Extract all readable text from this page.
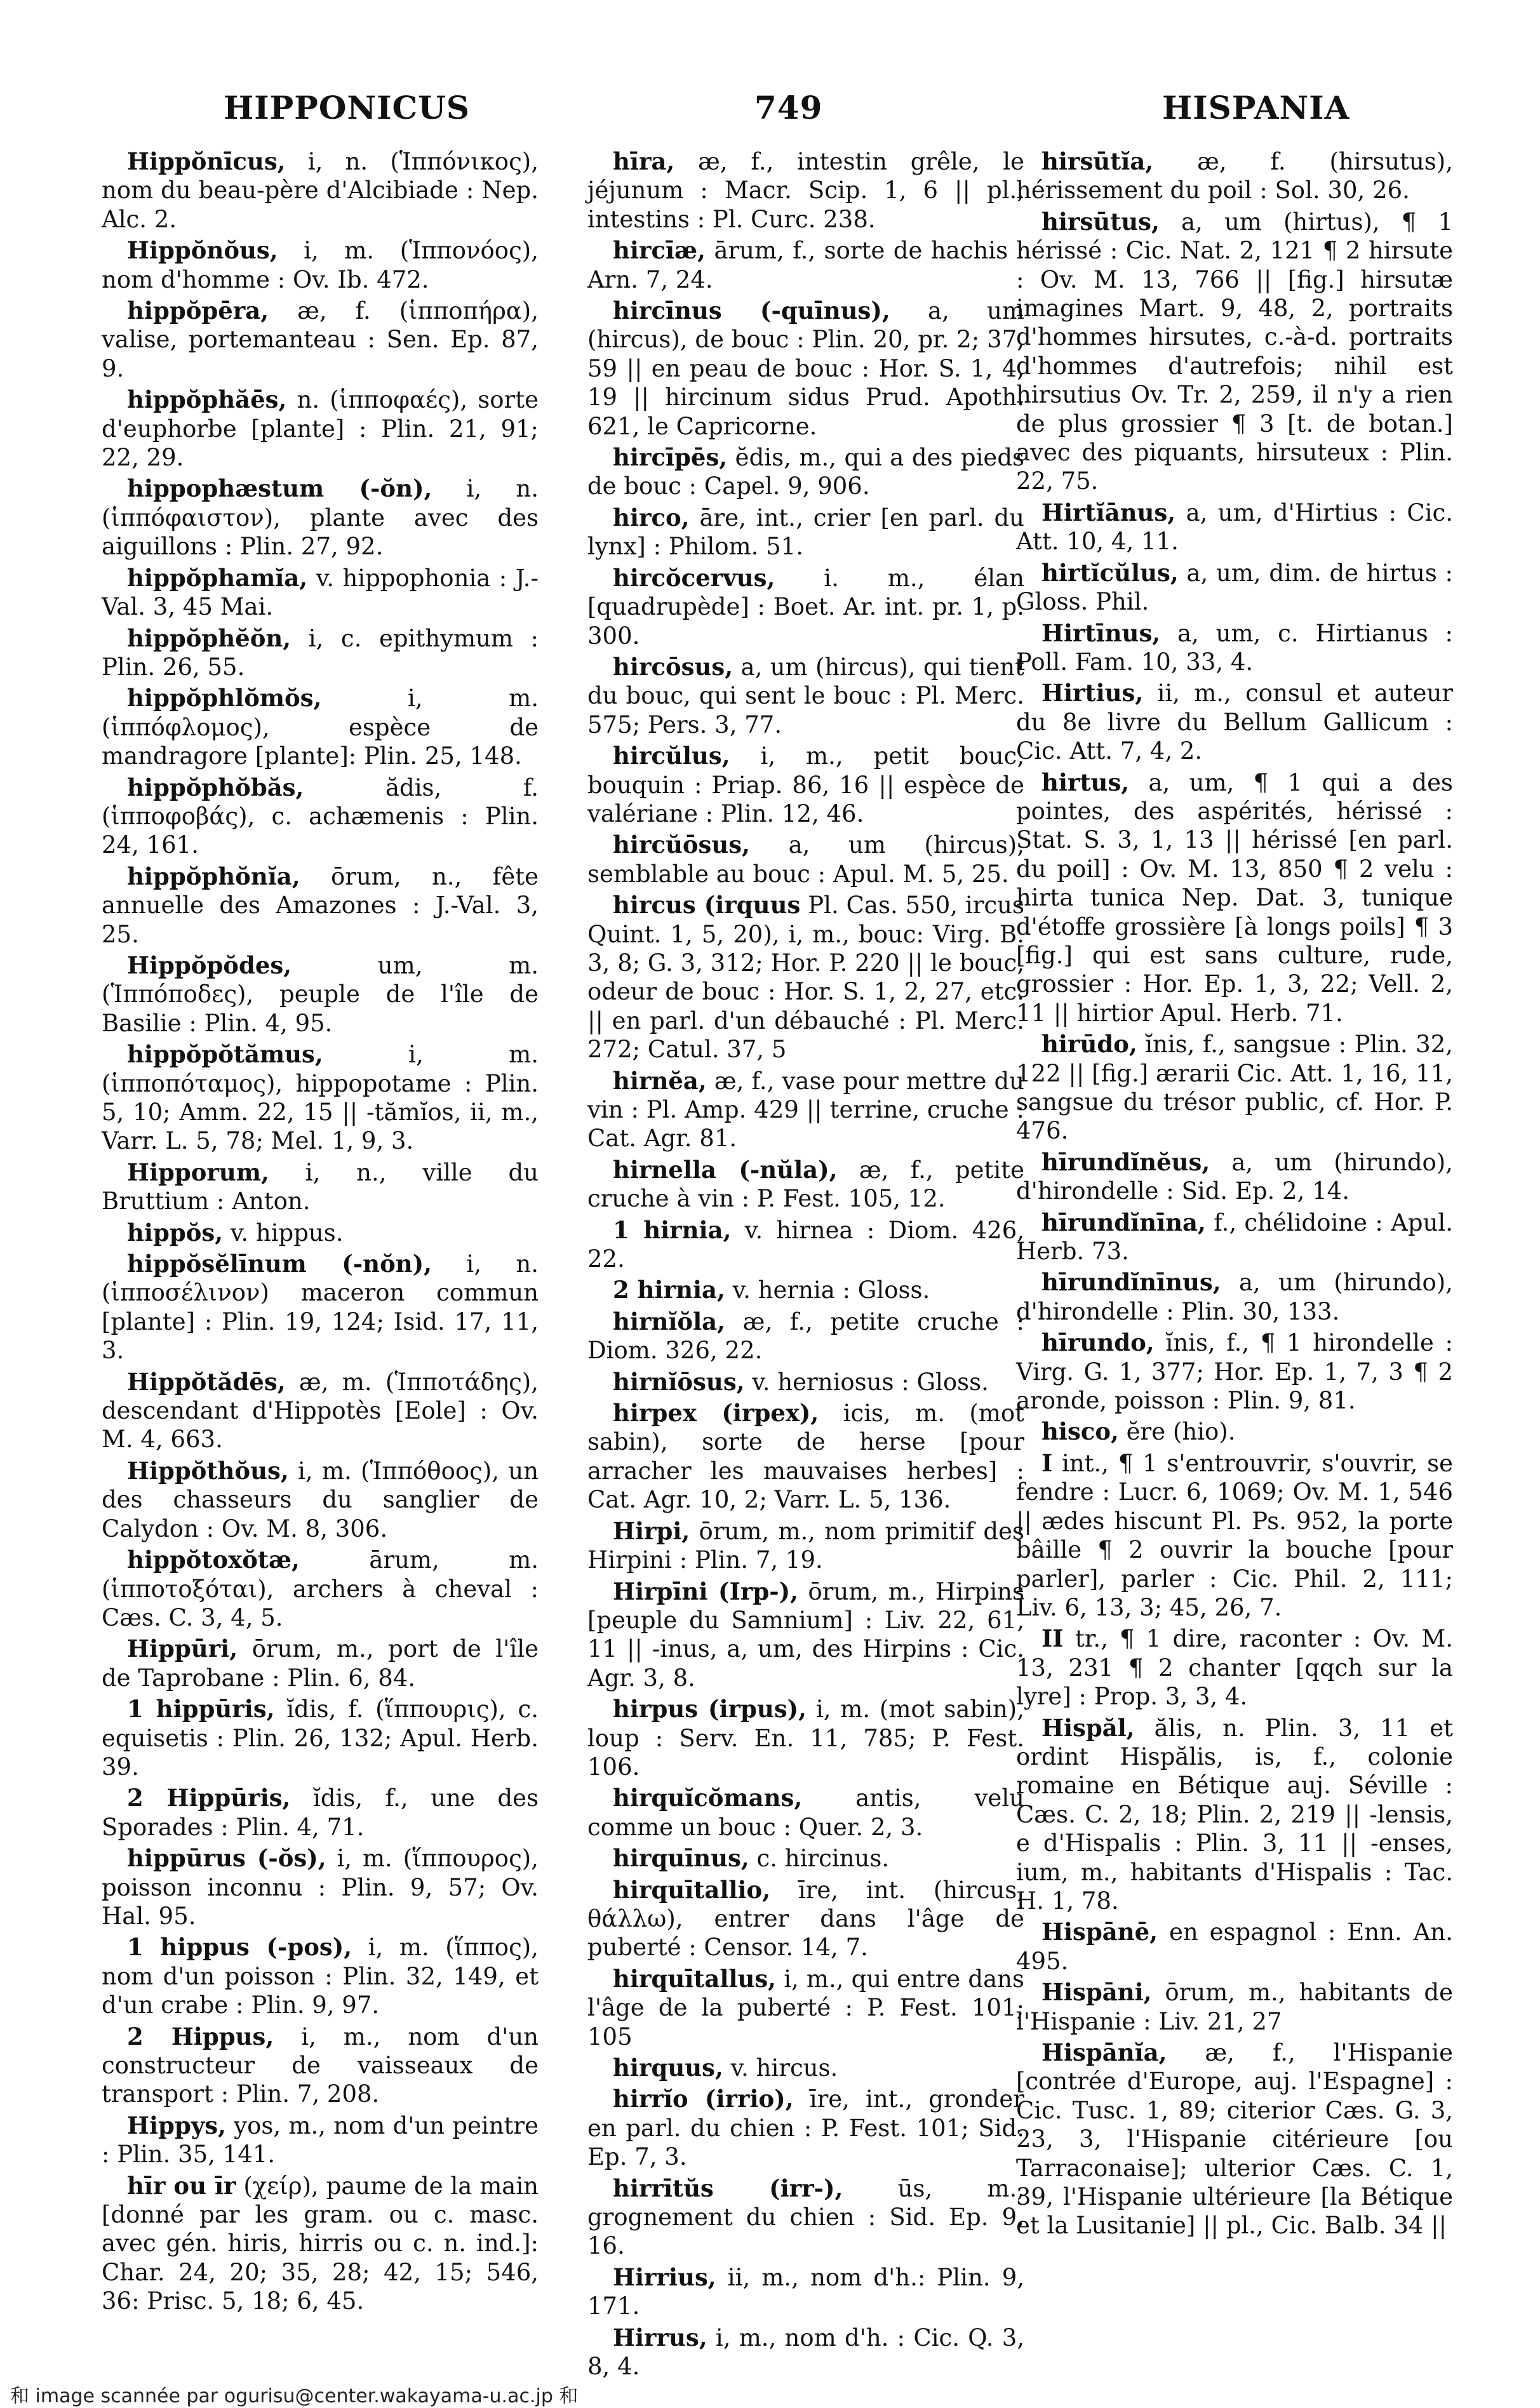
HIPPONICUS	749	HISPANIA

Hippŏnīcus, i, n. (Ἱππόνικος), nom du beau-père d'Alcibiade : Nep. Alc. 2.

Hippŏnŏus, i, m. (Ἱππονόος), nom d'homme : Ov. Ib. 472.

hippŏpēra, æ, f. (ἱπποπήρα), valise, portemanteau : Sen. Ep. 87, 9.

hippŏphăēs, n. (ἱπποφαές), sorte d'euphorbe [plante] : Plin. 21, 91; 22, 29.

hippophæstum (-ŏn), i, n. (ἱππόφαιστον), plante avec des aiguillons : Plin. 27, 92.

hippŏphamĭa, v. hippophonia : J.-Val. 3, 45 Mai.

hippŏphĕŏn, i, c. epithymum : Plin. 26, 55.

hippŏphlŏmŏs, i, m. (ἱππόφλομος), espèce de mandragore [plante]: Plin. 25, 148.

hippŏphŏbăs, ădis, f. (ἱπποφοβάς), c. achæmenis : Plin. 24, 161.

hippŏphŏnĭa, ōrum, n., fête annuelle des Amazones : J.-Val. 3, 25.

Hippŏpŏdes, um, m. (Ἱππόποδες), peuple de l'île de Basilie : Plin. 4, 95.

hippŏpŏtămus, i, m. (ἱπποπόταμος), hippopotame : Plin. 5, 10; Amm. 22, 15 || -tămĭos, ii, m., Varr. L. 5, 78; Mel. 1, 9, 3.

Hipporum, i, n., ville du Bruttium : Anton.

hippŏs, v. hippus.

hippŏsĕlīnum (-nŏn), i, n. (ἱπποσέλινον) maceron commun [plante] : Plin. 19, 124; Isid. 17, 11, 3.

Hippŏtădēs, æ, m. (Ἱπποτάδης), descendant d'Hippotès [Eole] : Ov. M. 4, 663.

Hippŏthŏus, i, m. (Ἱππόθοος), un des chasseurs du sanglier de Calydon : Ov. M. 8, 306.

hippŏtoxŏtæ, ārum, m. (ἱπποτοξόται), archers à cheval : Cæs. C. 3, 4, 5.

Hippūri, ōrum, m., port de l'île de Taprobane : Plin. 6, 84.

1 hippūris, ĭdis, f. (ἵππουρις), c. equisetis : Plin. 26, 132; Apul. Herb. 39.

2 Hippūris, ĭdis, f., une des Sporades : Plin. 4, 71.

hippūrus (-ŏs), i, m. (ἵππουρος), poisson inconnu : Plin. 9, 57; Ov. Hal. 95.

1 hippus (-pos), i, m. (ἵππος), nom d'un poisson : Plin. 32, 149, et d'un crabe : Plin. 9, 97.

2 Hippus, i, m., nom d'un constructeur de vaisseaux de transport : Plin. 7, 208.

Hippys, yos, m., nom d'un peintre : Plin. 35, 141.

hīr ou īr (χείρ), paume de la main [donné par les gram. ou c. masc. avec gén. hiris, hirris ou c. n. ind.]: Char. 24, 20; 35, 28; 42, 15; 546, 36: Prisc. 5, 18; 6, 45.

hīra, æ, f., intestin grêle, le jéjunum : Macr. Scip. 1, 6 || pl., intestins : Pl. Curc. 238.

hircīæ, ārum, f., sorte de hachis : Arn. 7, 24.

hircīnus (-quīnus), a, um (hircus), de bouc : Plin. 20, pr. 2; 37, 59 || en peau de bouc : Hor. S. 1, 4, 19 || hircinum sidus Prud. Apoth. 621, le Capricorne.

hircīpēs, ĕdis, m., qui a des pieds de bouc : Capel. 9, 906.

hirco, āre, int., crier [en parl. du lynx] : Philom. 51.

hircŏcervus, i. m., élan [quadrupède] : Boet. Ar. int. pr. 1, p. 300.

hircōsus, a, um (hircus), qui tient du bouc, qui sent le bouc : Pl. Merc. 575; Pers. 3, 77.

hircŭlus, i, m., petit bouc, bouquin : Priap. 86, 16 || espèce de valériane : Plin. 12, 46.

hircŭōsus, a, um (hircus), semblable au bouc : Apul. M. 5, 25.

hircus (irquus Pl. Cas. 550, ircus Quint. 1, 5, 20), i, m., bouc: Virg. B. 3, 8; G. 3, 312; Hor. P. 220 || le bouc, odeur de bouc : Hor. S. 1, 2, 27, etc. || en parl. d'un débauché : Pl. Merc. 272; Catul. 37, 5

hirnĕa, æ, f., vase pour mettre du vin : Pl. Amp. 429 || terrine, cruche : Cat. Agr. 81.

hirnella (-nŭla), æ, f., petite cruche à vin : P. Fest. 105, 12.

1 hirnia, v. hirnea : Diom. 426, 22.

2 hirnia, v. hernia : Gloss.

hirnĭŏla, æ, f., petite cruche : Diom. 326, 22.

hirnĭōsus, v. herniosus : Gloss.

hirpex (irpex), icis, m. (mot sabin), sorte de herse [pour arracher les mauvaises herbes] : Cat. Agr. 10, 2; Varr. L. 5, 136.

Hirpi, ōrum, m., nom primitif des Hirpini : Plin. 7, 19.

Hirpīni (Irp-), ōrum, m., Hirpins [peuple du Samnium] : Liv. 22, 61, 11 || -inus, a, um, des Hirpins : Cic. Agr. 3, 8.

hirpus (irpus), i, m. (mot sabin), loup : Serv. En. 11, 785; P. Fest. 106.

hirquĭcŏmans, antis, velu comme un bouc : Quer. 2, 3.

hirquīnus, c. hircinus.

hirquītallio, īre, int. (hircus, θάλλω), entrer dans l'âge de puberté : Censor. 14, 7.

hirquītallus, i, m., qui entre dans l'âge de la puberté : P. Fest. 101; 105

hirquus, v. hircus.

hirrĭo (irrio), īre, int., gronder en parl. du chien : P. Fest. 101; Sid. Ep. 7, 3.

hirrītŭs (irr-), ūs, m., grognement du chien : Sid. Ep. 9, 16.

Hirrius, ii, m., nom d'h.: Plin. 9, 171.

Hirrus, i, m., nom d'h. : Cic. Q. 3, 8, 4.

hirsūtĭa, æ, f. (hirsutus), hérissement du poil : Sol. 30, 26.

hirsūtus, a, um (hirtus), ¶ 1 hérissé : Cic. Nat. 2, 121 ¶ 2 hirsute : Ov. M. 13, 766 || [fig.] hirsutæ imagines Mart. 9, 48, 2, portraits d'hommes hirsutes, c.-à-d. portraits d'hommes d'autrefois; nihil est hirsutius Ov. Tr. 2, 259, il n'y a rien de plus grossier ¶ 3 [t. de botan.] avec des piquants, hirsuteux : Plin. 22, 75.

Hirtĭānus, a, um, d'Hirtius : Cic. Att. 10, 4, 11.

hirtĭcŭlus, a, um, dim. de hirtus : Gloss. Phil.

Hirtīnus, a, um, c. Hirtianus : Poll. Fam. 10, 33, 4.

Hirtius, ii, m., consul et auteur du 8e livre du Bellum Gallicum : Cic. Att. 7, 4, 2.

hirtus, a, um, ¶ 1 qui a des pointes, des aspérités, hérissé : Stat. S. 3, 1, 13 || hérissé [en parl. du poil] : Ov. M. 13, 850 ¶ 2 velu : hirta tunica Nep. Dat. 3, tunique d'étoffe grossière [à longs poils] ¶ 3 [fig.] qui est sans culture, rude, grossier : Hor. Ep. 1, 3, 22; Vell. 2, 11 || hirtior Apul. Herb. 71.

hirūdo, ĭnis, f., sangsue : Plin. 32, 122 || [fig.] ærarii Cic. Att. 1, 16, 11, sangsue du trésor public, cf. Hor. P. 476.

hīrundĭnĕus, a, um (hirundo), d'hirondelle : Sid. Ep. 2, 14.

hīrundĭnīna, f., chélidoine : Apul. Herb. 73.

hīrundĭnīnus, a, um (hirundo), d'hirondelle : Plin. 30, 133.

hīrundo, ĭnis, f., ¶ 1 hirondelle : Virg. G. 1, 377; Hor. Ep. 1, 7, 3 ¶ 2 aronde, poisson : Plin. 9, 81.

hisco, ĕre (hio).

I int., ¶ 1 s'entrouvrir, s'ouvrir, se fendre : Lucr. 6, 1069; Ov. M. 1, 546 || ædes hiscunt Pl. Ps. 952, la porte bâille ¶ 2 ouvrir la bouche [pour parler], parler : Cic. Phil. 2, 111; Liv. 6, 13, 3; 45, 26, 7.

II tr., ¶ 1 dire, raconter : Ov. M. 13, 231 ¶ 2 chanter [qqch sur la lyre] : Prop. 3, 3, 4.

Hispăl, ălis, n. Plin. 3, 11 et ordint Hispălis, is, f., colonie romaine en Bétique auj. Séville : Cæs. C. 2, 18; Plin. 2, 219 || -lensis, e d'Hispalis : Plin. 3, 11 || -enses, ium, m., habitants d'Hispalis : Tac. H. 1, 78.

Hispānē, en espagnol : Enn. An. 495.

Hispāni, ōrum, m., habitants de l'Hispanie : Liv. 21, 27

Hispānĭa, æ, f., l'Hispanie [contrée d'Europe, auj. l'Espagne] : Cic. Tusc. 1, 89; citerior Cæs. G. 3, 23, 3, l'Hispanie citérieure [ou Tarraconaise]; ulterior Cæs. C. 1, 39, l'Hispanie ultérieure [la Bétique et la Lusitanie] || pl., Cic. Balb. 34 ||

和 image scannée par ogurisu@center.wakayama-u.ac.jp 和
